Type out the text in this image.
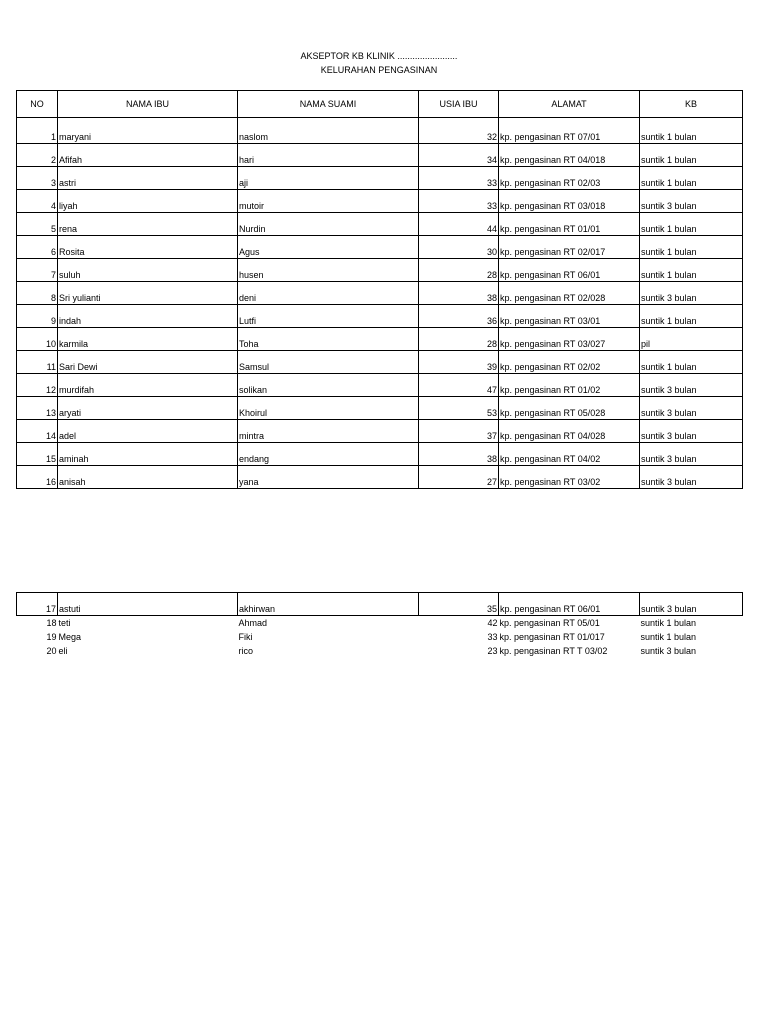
AKSEPTOR KB KLINIK ........................
KELURAHAN PENGASINAN
NO	NAMA IBU	NAMA SUAMI	USIA IBU	ALAMAT	KB

1	maryani	naslom	32	kp. pengasinan RT 07/01	suntik 1 bulan
2	Afifah	hari	34	kp. pengasinan RT 04/018	suntik 1 bulan
3	astri	aji	33	kp. pengasinan RT 02/03	suntik 1 bulan
4	liyah	mutoir	33	kp. pengasinan RT 03/018	suntik 3 bulan
5	rena	Nurdin	44	kp. pengasinan RT 01/01	suntik 1 bulan
6	Rosita	Agus	30	kp. pengasinan RT 02/017	suntik 1 bulan
7	suluh	husen	28	kp. pengasinan RT 06/01	suntik 1 bulan
8	Sri yulianti	deni	38	kp. pengasinan RT 02/028	suntik 3 bulan
9	indah	Lutfi	36	kp. pengasinan RT 03/01	suntik 1 bulan
10	karmila	Toha	28	kp. pengasinan RT 03/027	pil
11	Sari Dewi	Samsul	39	kp. pengasinan RT 02/02	suntik 1 bulan
12	murdifah	solikan	47	kp. pengasinan RT 01/02	suntik 3 bulan
13	aryati	Khoirul	53	kp. pengasinan RT 05/028	suntik 3 bulan
14	adel	mintra	37	kp. pengasinan RT 04/028	suntik 3 bulan
15	aminah	endang	38	kp. pengasinan RT 04/02	suntik 3 bulan
16	anisah	yana	27	kp. pengasinan RT 03/02	suntik 3 bulan
17	astuti	akhirwan	35	kp. pengasinan RT 06/01	suntik 3 bulan
18	teti	Ahmad	42	kp. pengasinan RT 05/01	suntik 1 bulan
19	Mega	Fiki	33	kp. pengasinan RT 01/017	suntik 1 bulan
20	eli	rico	23	kp. pengasinan RT T 03/02	suntik 3 bulan
